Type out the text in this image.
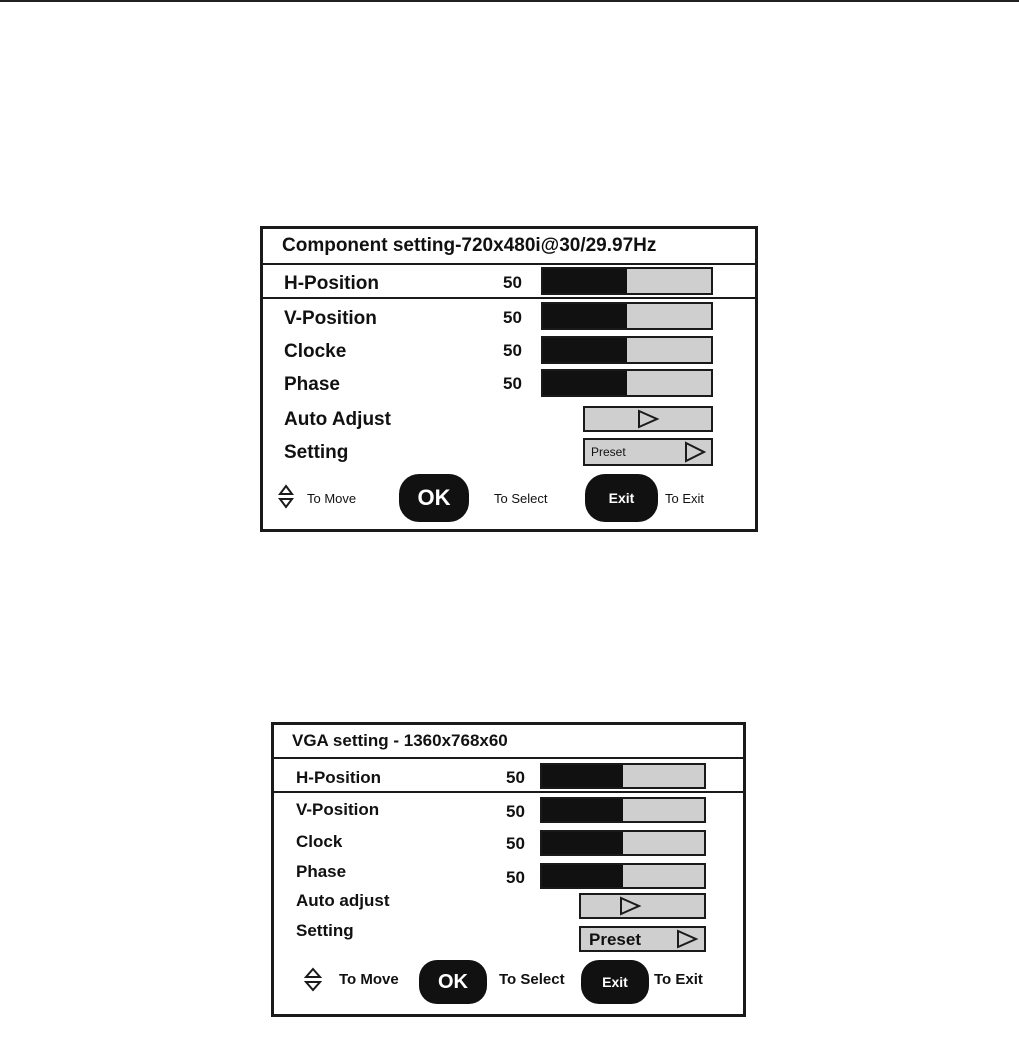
Component setting-720x480i@30/29.97Hz
H-Position	50
V-Position	50
Clocke	50
Phase	50
Auto Adjust
Setting	Preset
To Move	OK	To Select	Exit	To Exit
VGA setting - 1360x768x60
H-Position	50
V-Position	50
Clock	50
Phase	50
Auto adjust
Setting	Preset
To Move	OK	To Select	Exit	To Exit
